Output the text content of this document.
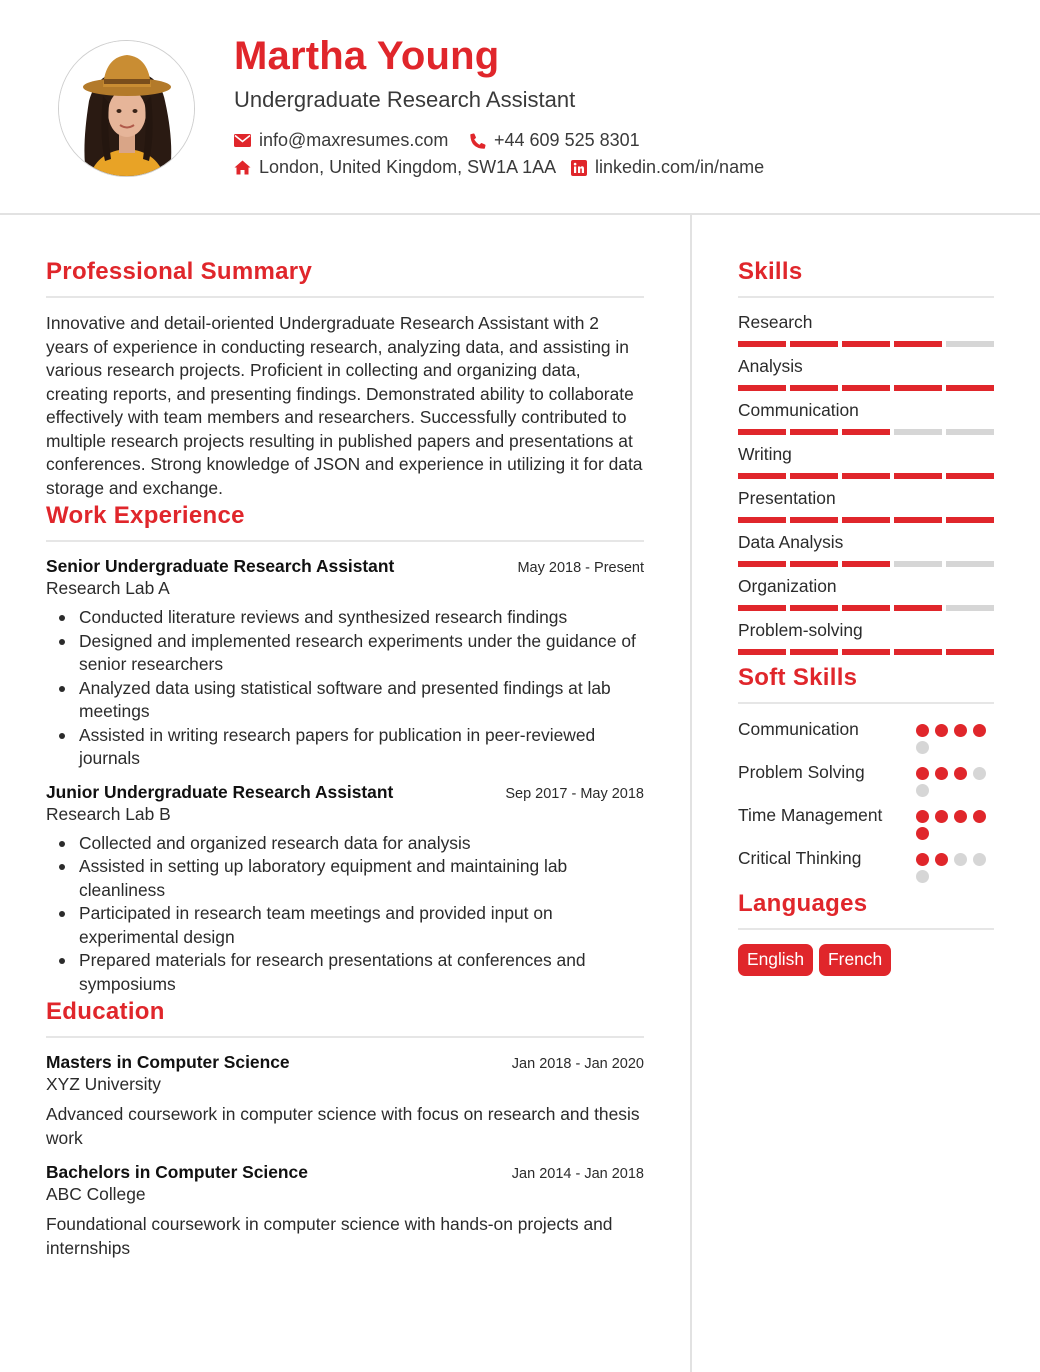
Martha Young
Undergraduate Research Assistant
info@maxresumes.com	+44 609 525 8301
London, United Kingdom, SW1A 1AA linkedin.com/in/name
Professional Summary
Innovative and detail-oriented Undergraduate Research Assistant with 2 years of experience in conducting research, analyzing data, and assisting in various research projects. Proficient in collecting and organizing data, creating reports, and presenting findings. Demonstrated ability to collaborate effectively with team members and researchers. Successfully contributed to multiple research projects resulting in published papers and presentations at conferences. Strong knowledge of JSON and experience in utilizing it for data storage and exchange.
Work Experience
Senior Undergraduate Research Assistant	May 2018 - Present
Research Lab A
Conducted literature reviews and synthesized research findings
Designed and implemented research experiments under the guidance of senior researchers
Analyzed data using statistical software and presented findings at lab meetings
Assisted in writing research papers for publication in peer-reviewed journals
Junior Undergraduate Research Assistant	Sep 2017 - May 2018
Research Lab B
Collected and organized research data for analysis
Assisted in setting up laboratory equipment and maintaining lab cleanliness
Participated in research team meetings and provided input on experimental design
Prepared materials for research presentations at conferences and symposiums
Education
Masters in Computer Science	Jan 2018 - Jan 2020
XYZ University
Advanced coursework in computer science with focus on research and thesis work
Bachelors in Computer Science	Jan 2014 - Jan 2018
ABC College
Foundational coursework in computer science with hands-on projects and internships
Skills
Research
Analysis
Communication
Writing
Presentation
Data Analysis
Organization
Problem-solving
Soft Skills
Communication
Problem Solving
Time Management
Critical Thinking
Languages
English	French
